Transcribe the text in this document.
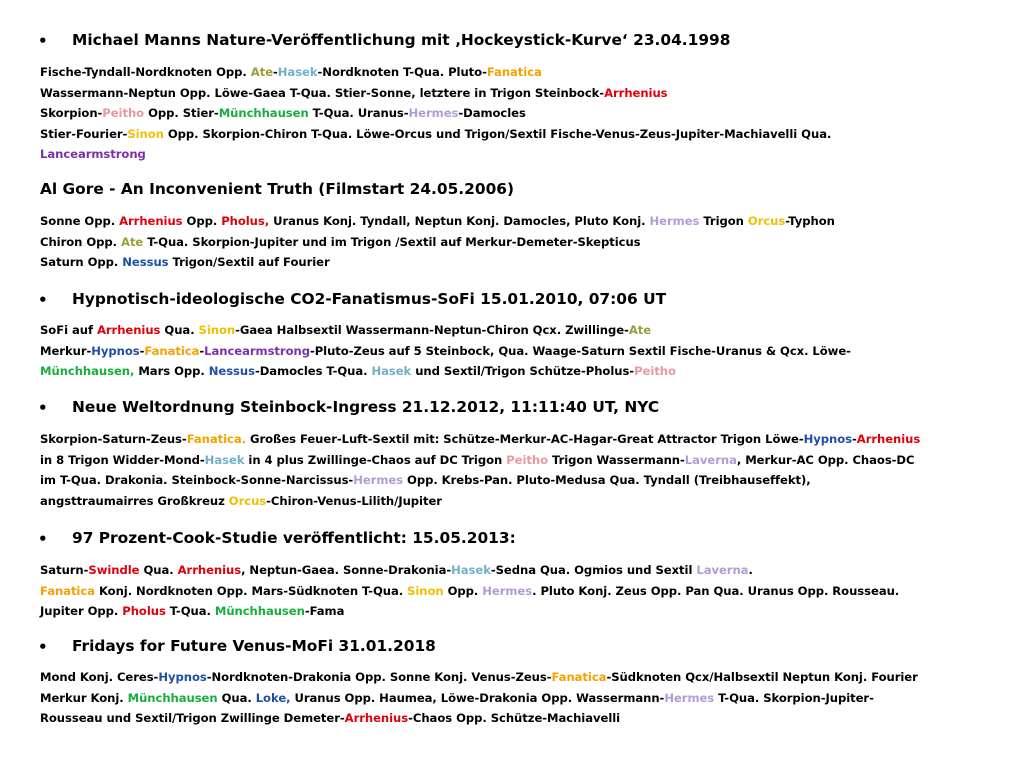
• Michael Manns Nature-Veröffentlichung mit ‚Hockeystick-Kurve‘ 23.04.1998
Fische-Tyndall-Nordknoten Opp. Ate-Hasek-Nordknoten T-Qua. Pluto-Fanatica
Wassermann-Neptun Opp. Löwe-Gaea T-Qua. Stier-Sonne, letztere in Trigon Steinbock-Arrhenius
Skorpion-Peitho Opp. Stier-Münchhausen T-Qua. Uranus-Hermes-Damocles
Stier-Fourier-Sinon Opp. Skorpion-Chiron T-Qua. Löwe-Orcus und Trigon/Sextil Fische-Venus-Zeus-Jupiter-Machiavelli Qua.
Lancearmstrong
Al Gore - An Inconvenient Truth (Filmstart 24.05.2006)
Sonne Opp. Arrhenius Opp. Pholus, Uranus Konj. Tyndall, Neptun Konj. Damocles, Pluto Konj. Hermes Trigon Orcus-Typhon
Chiron Opp. Ate T-Qua. Skorpion-Jupiter und im Trigon /Sextil auf Merkur-Demeter-Skepticus
Saturn Opp. Nessus Trigon/Sextil auf Fourier
• Hypnotisch-ideologische CO2-Fanatismus-SoFi 15.01.2010, 07:06 UT
SoFi auf Arrhenius Qua. Sinon-Gaea Halbsextil Wassermann-Neptun-Chiron Qcx. Zwillinge-Ate
Merkur-Hypnos-Fanatica-Lancearmstrong-Pluto-Zeus auf 5 Steinbock, Qua. Waage-Saturn Sextil Fische-Uranus & Qcx. Löwe-
Münchhausen, Mars Opp. Nessus-Damocles T-Qua. Hasek und Sextil/Trigon Schütze-Pholus-Peitho
• Neue Weltordnung Steinbock-Ingress 21.12.2012, 11:11:40 UT, NYC
Skorpion-Saturn-Zeus-Fanatica. Großes Feuer-Luft-Sextil mit: Schütze-Merkur-AC-Hagar-Great Attractor Trigon Löwe-Hypnos-Arrhenius
in 8 Trigon Widder-Mond-Hasek in 4 plus Zwillinge-Chaos auf DC Trigon Peitho Trigon Wassermann-Laverna, Merkur-AC Opp. Chaos-DC
im T-Qua. Drakonia. Steinbock-Sonne-Narcissus-Hermes Opp. Krebs-Pan. Pluto-Medusa Qua. Tyndall (Treibhauseffekt),
angsttraumairres Großkreuz Orcus-Chiron-Venus-Lilith/Jupiter
• 97 Prozent-Cook-Studie veröffentlicht: 15.05.2013:
Saturn-Swindle Qua. Arrhenius, Neptun-Gaea. Sonne-Drakonia-Hasek-Sedna Qua. Ogmios und Sextil Laverna.
Fanatica Konj. Nordknoten Opp. Mars-Südknoten T-Qua. Sinon Opp. Hermes. Pluto Konj. Zeus Opp. Pan Qua. Uranus Opp. Rousseau.
Jupiter Opp. Pholus T-Qua. Münchhausen-Fama
• Fridays for Future Venus-MoFi 31.01.2018
Mond Konj. Ceres-Hypnos-Nordknoten-Drakonia Opp. Sonne Konj. Venus-Zeus-Fanatica-Südknoten Qcx/Halbsextil Neptun Konj. Fourier
Merkur Konj. Münchhausen Qua. Loke, Uranus Opp. Haumea, Löwe-Drakonia Opp. Wassermann-Hermes T-Qua. Skorpion-Jupiter-
Rousseau und Sextil/Trigon Zwillinge Demeter-Arrhenius-Chaos Opp. Schütze-Machiavelli
